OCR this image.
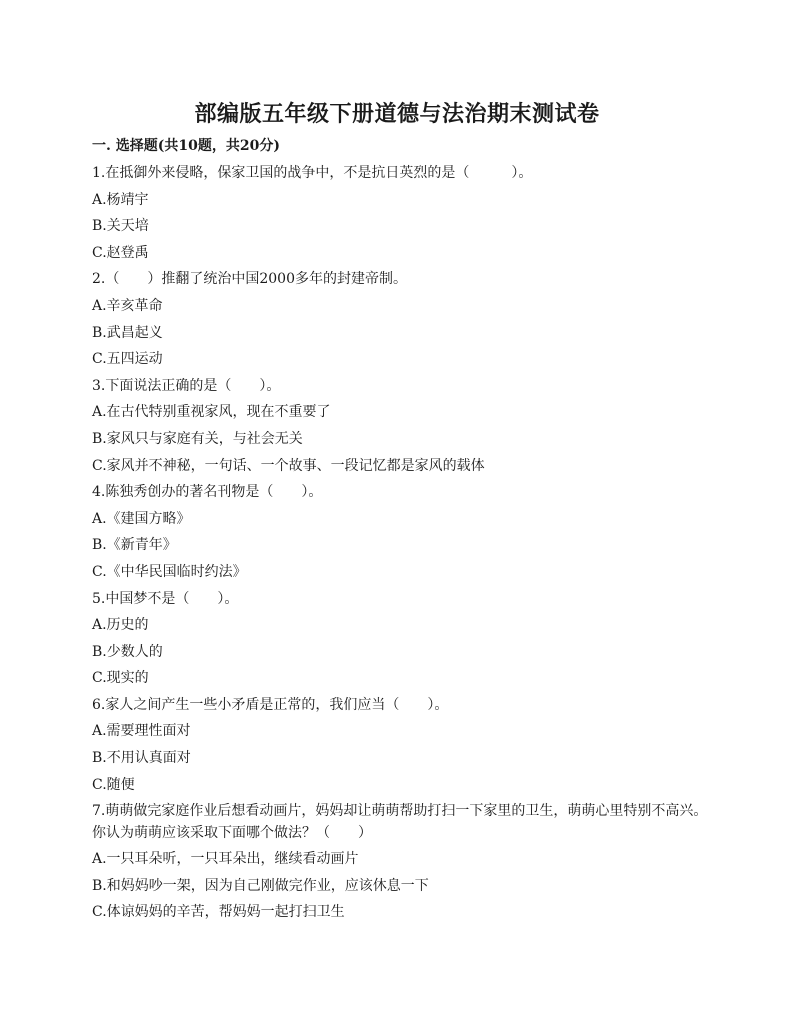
部编版五年级下册道德与法治期末测试卷
一. 选择题(共10题，共20分)
1.在抵御外来侵略，保家卫国的战争中，不是抗日英烈的是（　　　）。
A.杨靖宇
B.关天培
C.赵登禹
2.（　　）推翻了统治中国2000多年的封建帝制。
A.辛亥革命
B.武昌起义
C.五四运动
3.下面说法正确的是（　　）。
A.在古代特别重视家风，现在不重要了
B.家风只与家庭有关，与社会无关
C.家风并不神秘，一句话、一个故事、一段记忆都是家风的载体
4.陈独秀创办的著名刊物是（　　）。
A.《建国方略》
B.《新青年》
C.《中华民国临时约法》
5.中国梦不是（　　）。
A.历史的
B.少数人的
C.现实的
6.家人之间产生一些小矛盾是正常的，我们应当（　　）。
A.需要理性面对
B.不用认真面对
C.随便
7.萌萌做完家庭作业后想看动画片，妈妈却让萌萌帮助打扫一下家里的卫生，萌萌心里特别不高兴。你认为萌萌应该采取下面哪个做法？（　　）
A.一只耳朵听，一只耳朵出，继续看动画片
B.和妈妈吵一架，因为自己刚做完作业，应该休息一下
C.体谅妈妈的辛苦，帮妈妈一起打扫卫生
